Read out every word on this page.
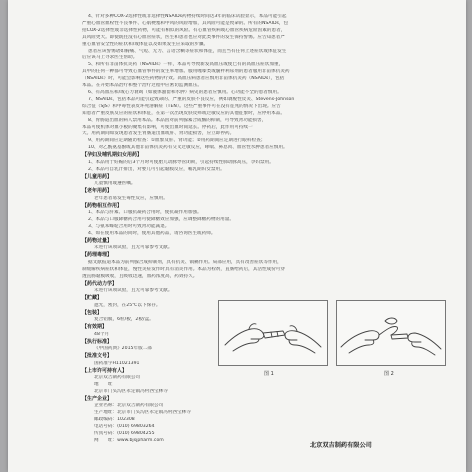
4、针对多种COX-2选择性或非选择性NSAIDs药物持续时间达3年的临床试验显示，本品可能引起
严重心血管血栓性不良事件、心肌梗塞和中风的风险增加，其风险可能是致命的。所有的NSAIDs，包
括COX-2选择性或非选择性药物，可能有相似的风险。有心血管疾病或心血管疾病危险因素的患者，
其风险更大。即使既往没有心血管症状，医生和患者也应对此类事件的发生保持警惕。应告知患者严
重心血管安全性的症状和/或体征以及如果发生应采取的步骤。
患者应该警惕诸如胸痛、气短、无力、言语含糊等症状和体征，而且当有任何上述症状或体征发生
后应该马上寻求医生帮助。
5、和所有非甾体抗炎药（NSAIDs）一样，本品可导致新发高血压或使已有的高血压症状加重，
其中的任何一种都可导致心血管事件的发生率增加。服用噻嗪类或髓袢利尿剂的患者服用非甾体抗炎药
（NSAIDs）时，可能会影响这些药物的疗效。高血压病患者应慎用非甾体抗炎药（NSAIDs），包括
本品。在开始本品治疗和整个治疗过程中应密切监测血压。
6、有高血压和/或心力衰竭（如液体潴留和水肿）病史的患者应慎用。心功能不全的患者慎用。
7、NSAIDs，包括本品可能引起致命的、严重的皮肤不良反应，例如剥脱性皮炎、Stevens-Johnson
综合征（SJS）和中毒性表皮坏死溶解症（TEN）。这些严重事件可在没有征兆的情况下出现。应告
知患者严重皮肤反应的症状和体征，在第一次出现皮肤皮疹或过敏反应的其他征象时，应停用本品。
8、胃肠道出血的病人禁用本品。本品因对前列腺素合成酶的抑制，可导致肾功能损害，
本品可使机体对血小板的聚集有影响，可使出血时间延长。停药后，此作用可持续一
天。用药期间如发现患者发生胃肠道出血或肝、肾功能损害，应立即停药。
9、用药期间应定期随访检查：①血象及肝、肾功能；②用药期间应定期进行眼科检查；
10、对乙酰氨基酚或其他非甾体抗炎药有交叉过敏反应，哮喘、鼻息肉、血管性水肿患者应慎用。
【孕妇及哺乳期妇女用药】
1、本品用于妊娠的后3个月时可使胎儿动脉导管闭锁，引起持续性肺动脉高压，孕妇禁用。
2、本品可自乳汁排出，对婴儿可引起黏膜反应，哺乳期妇女禁用。
【儿童用药】
儿童慎用或遵医嘱。
【老年用药】
老年患者易发生毒性反应，应慎用。
【药物相互作用】
1、本品与肝素、口服抗凝药合用时，使抗凝作用加强。
2、本品与口服降糖药合用可使降糖效应加强，应调整降糖药物的用量。
3、与氨苯蝶啶合用时可致肾功能减退。
4、如在使用本品的同时，使用其他药品，请咨询医生或药师。
【药物过量】
未进行该项试验，且无可靠参考文献。
【药理毒理】
据文献报道本品为前列腺合成抑制剂，具有抗炎、镇痛作用。局部应用，具有改善症状等作用，
制缓解疾病症状和体征，慢性炎症发作时具有消炎作用。本品为栓剂，直肠给药后，其活性成份可穿
透直肠黏膜吸收，且吸收迅速，血药浓度高，药效持久。
【药代动力学】
未进行该项试验，且无可靠参考文献。
【贮藏】
遮光，密封，在25℃以下保存。
【包装】
复合铝膜，6粒/板，2板/盒。
【有效期】
48个月
【执行标准】
《中国药典》2015年版二部
【批准文号】
国药准字H11021391
【上市许可持有人】
北京双吉制药有限公司
地　　址
北京市门头沟区永定镇冯村西宝林寺
【生产企业】
企业名称：北京双吉制药有限公司
生产地址：北京市门头沟区永定镇冯村西宝林寺
邮政编码：102308
电话号码：(010) 69803264
传真号码：(010) 69804255
网　　址：www.bjsjpharm.com
图 1	图 2
北京双吉制药有限公司
